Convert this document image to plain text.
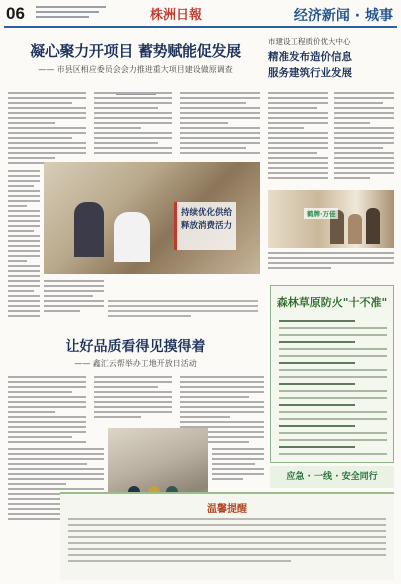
06	株洲日報	经济新闻 · 城事
凝心聚力开项目 蓄势赋能促发展
—— 市县区相应委员会会力推进重大项目建设做原调查
持续优化供给
释放消费活力
市建设工程质价优大中心
精准发布造价信息
服务建筑行业发展
鹤牌·万佳
森林草原防火"十不准"
让好品质看得见摸得着
—— 鑫汇云帮举办工地开放日活动
应急 · 一线 · 安全同行
温馨提醒
